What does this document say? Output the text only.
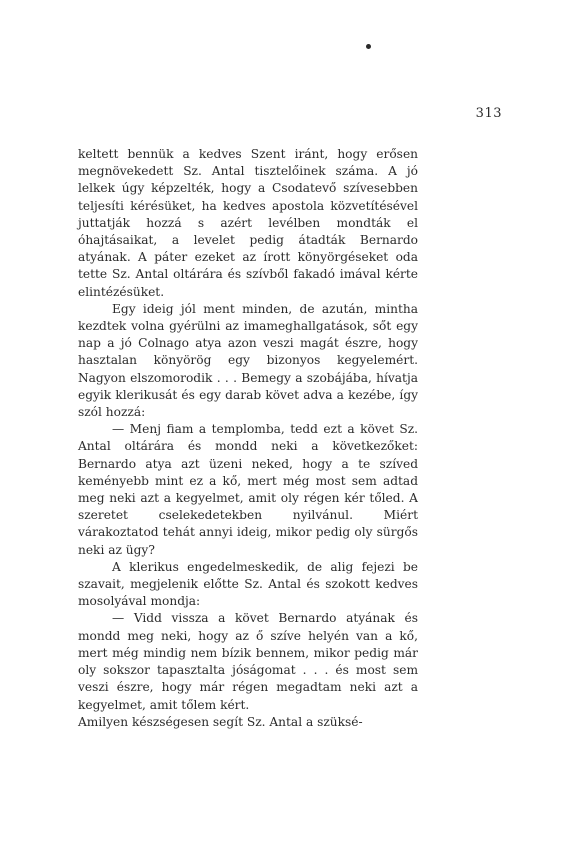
313

keltett bennük a kedves Szent iránt, hogy erősen megnövekedett Sz. Antal tisztelőinek száma. A jó lelkek úgy képzelték, hogy a Csodatevő szívesebben teljesíti kérésüket, ha kedves apostola közvetítésével juttatják hozzá s azért levélben mondták el óhajtásaikat, a levelet pedig átadták Bernardo atyának. A páter ezeket az írott könyörgéseket oda tette Sz. Antal oltárára és szívből fakadó imával kérte elintézésüket.

Egy ideig jól ment minden, de azután, mintha kezdtek volna gyérülni az imameghallgatások, sőt egy nap a jó Colnago atya azon veszi magát észre, hogy hasztalan könyörög egy bizonyos kegyelemért. Nagyon elszomorodik . . . Bemegy a szobájába, hívatja egyik klerikusát és egy darab követ adva a kezébe, így szól hozzá:

— Menj fiam a templomba, tedd ezt a követ Sz. Antal oltárára és mondd neki a következőket: Bernardo atya azt üzeni neked, hogy a te szíved keményebb mint ez a kő, mert még most sem adtad meg neki azt a kegyelmet, amit oly régen kér tőled. A szeretet cselekedetekben nyilvánul. Miért várakoztatod tehát annyi ideig, mikor pedig oly sürgős neki az ügy?

A klerikus engedelmeskedik, de alig fejezi be szavait, megjelenik előtte Sz. Antal és szokott kedves mosolyával mondja:

— Vidd vissza a követ Bernardo atyának és mondd meg neki, hogy az ő szíve helyén van a kő, mert még mindig nem bízik bennem, mikor pedig már oly sokszor tapasztalta jóságomat . . . és most sem veszi észre, hogy már régen megadtam neki azt a kegyelmet, amit tőlem kért.

Amilyen készségesen segít Sz. Antal a szüksé-
